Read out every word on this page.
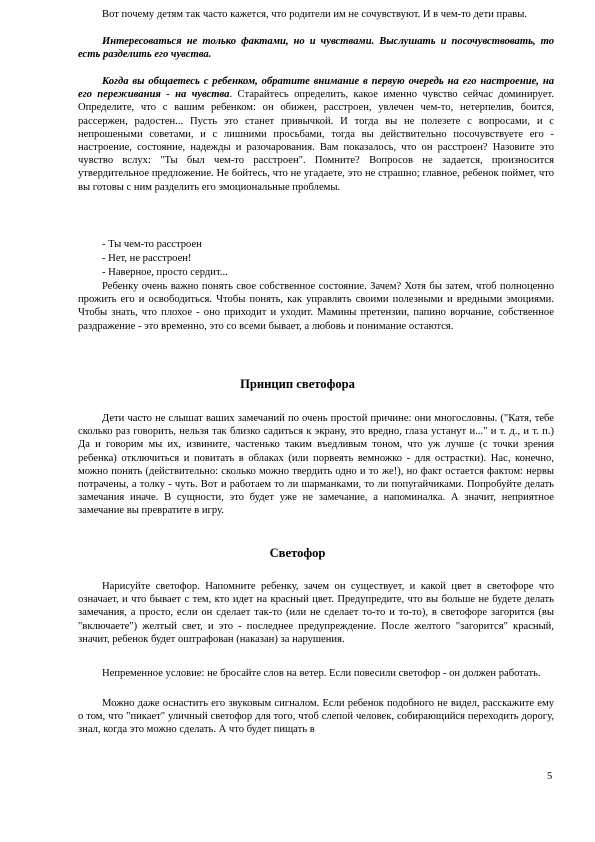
Вот почему детям так часто кажется, что родители им не сочувствуют. И в чем-то дети правы.

Интересоваться не только фактами, но и чувствами. Выслушать и посочувствовать, то есть разделить его чувства.

Когда вы общаетесь с ребенком, обратите внимание в первую очередь на его настроение, на его переживания - на чувства. Старайтесь определить, какое именно чувство сейчас доминирует. Определите, что с вашим ребенком: он обижен, расстроен, увлечен чем-то, нетерпелив, боится, рассержен, радостен... Пусть это станет привычкой. И тогда вы не полезете с вопросами, и с непрошеными советами, и с лишними просьбами, тогда вы действительно посочувствуете его - настроение, состояние, надежды и разочарования. Вам показалось, что он расстроен? Назовите это чувство вслух: "Ты был чем-то расстроен". Помните? Вопросов не задается, произносится утвердительное предложение. Не бойтесь, что не угадаете, это не страшно; главное, ребенок поймет, что вы готовы с ним разделить его эмоциональные проблемы.

- Ты чем-то расстроен

- Нет, не расстроен!

- Наверное, просто сердит...

Ребенку очень важно понять свое собственное состояние. Зачем? Хотя бы затем, чтоб полноценно прожить его и освободиться. Чтобы понять, как управлять своими полезными и вредными эмоциями. Чтобы знать, что плохое - оно приходит и уходит. Мамины претензии, папино ворчание, собственное раздражение - это временно, это со всеми бывает, а любовь и понимание остаются.

Принцип светофора

Дети часто не слышат ваших замечаний по очень простой причине: они многословны. ("Катя, тебе сколько раз говорить, нельзя так близко садиться к экрану, это вредно, глаза устанут и..." и т. д., и т. п.) Да и говорим мы их, извините, частенько таким въедливым тоном, что уж лучше (с точки зрения ребенка) отключиться и повитать в облаках (или порвеять вемножко - для острастки). Нас, конечно, можно понять (действительно: сколько можно твердить одно и то же!), но факт остается фактом: нервы потрачены, а толку - чуть. Вот и работаем то ли шарманками, то ли попугайчиками. Попробуйте делать замечания иначе. В сущности, это будет уже не замечание, а напоминалка. А значит, неприятное замечание вы превратите в игру.

Светофор

Нарисуйте светофор. Напомните ребенку, зачем он существует, и какой цвет в светофоре что означает, и что бывает с тем, кто идет на красный цвет. Предупредите, что вы больше не будете делать замечания, а просто, если он сделает так-то (или не сделает то-то и то-то), в светофоре загорится (вы "включаете") желтый свет, и это - последнее предупреждение. После желтого "загорится" красный, значит, ребенок будет оштрафован (наказан) за нарушения.

Непременное условие: не бросайте слов на ветер. Если повесили светофор - он должен работать.

Можно даже оснастить его звуковым сигналом. Если ребенок подобного не видел, расскажите ему о том, что "пикает" уличный светофор для того, чтоб слепой человек, собирающийся переходить дорогу, знал, когда это можно сделать. А что будет пищать в

5
